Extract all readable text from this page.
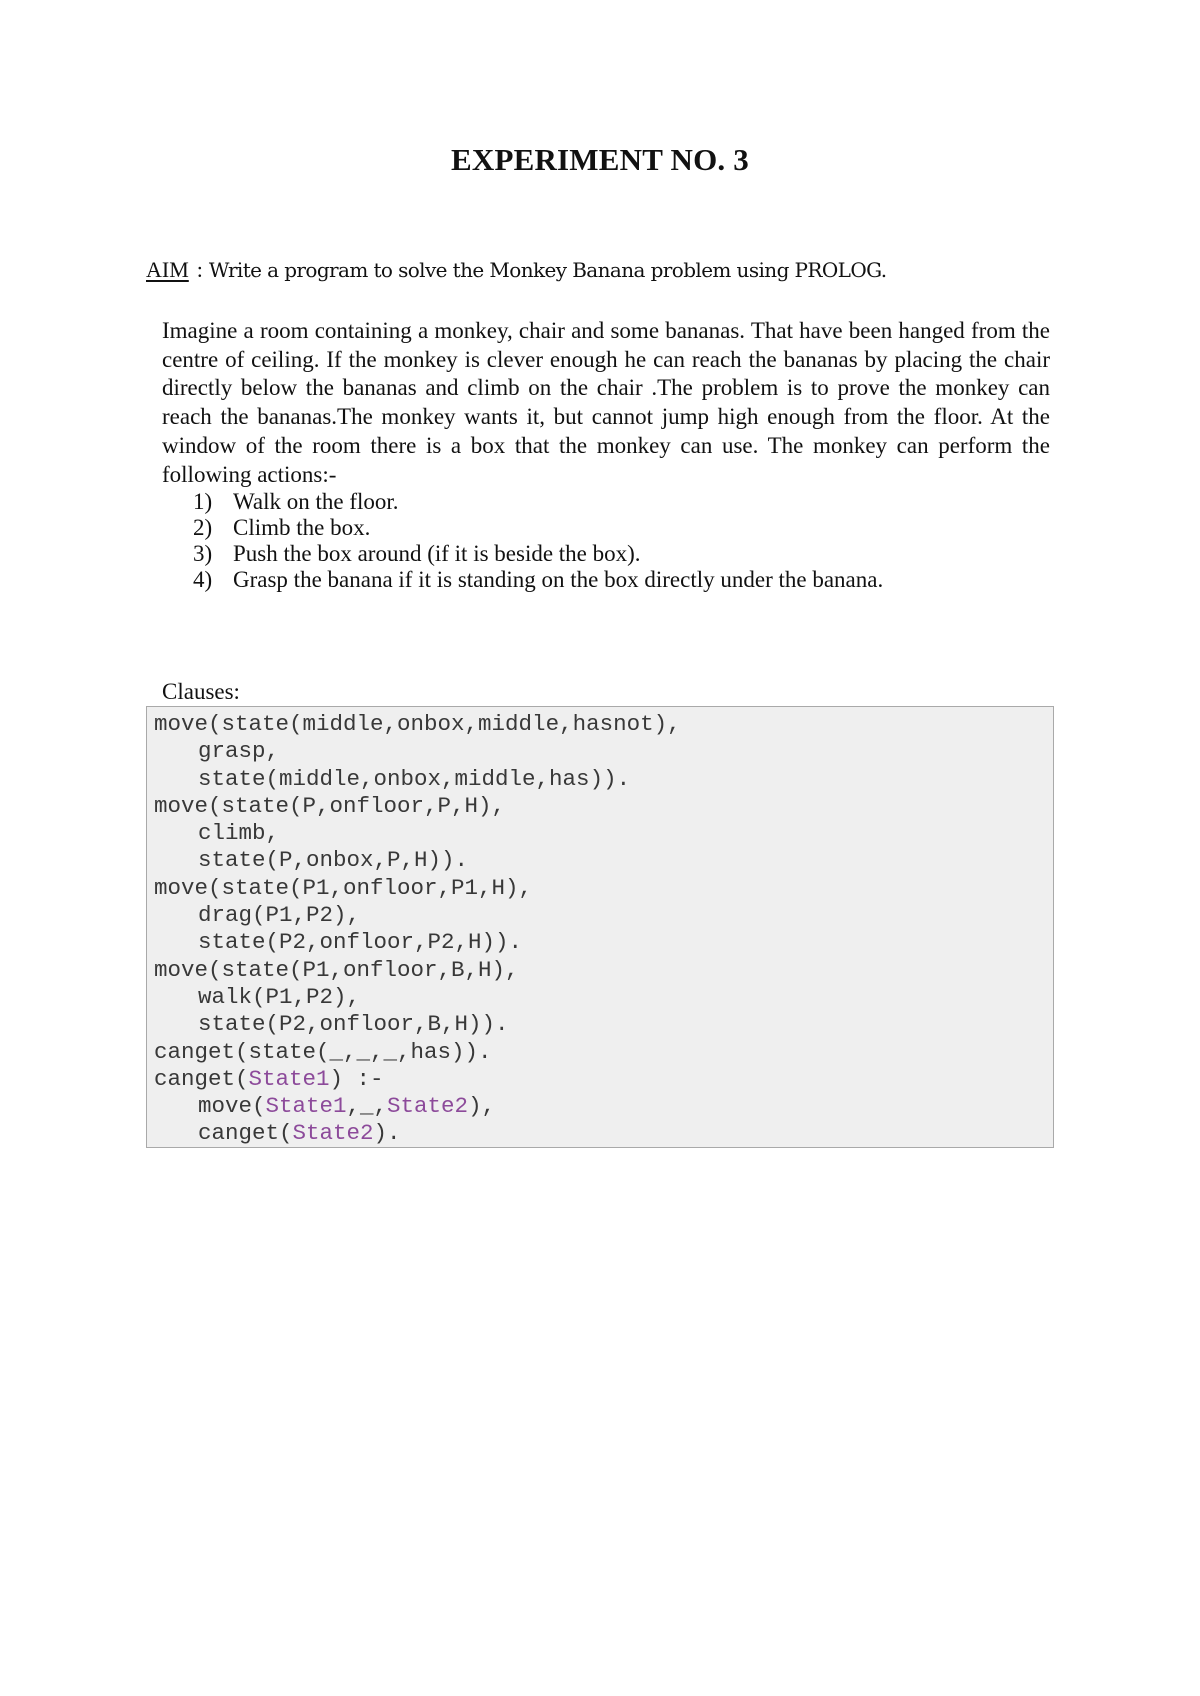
EXPERIMENT NO. 3
AIM : Write a program to solve the Monkey Banana problem using PROLOG.

Imagine a room containing a monkey, chair and some bananas. That have been hanged from the centre of ceiling. If the monkey is clever enough he can reach the bananas by placing the chair directly below the bananas and climb on the chair .The problem is to prove the monkey can reach the bananas.The monkey wants it, but cannot jump high enough from the floor. At the window of the room there is a box that the monkey can use. The monkey can perform the following actions:-

1) Walk on the floor.
2) Climb the box.
3) Push the box around (if it is beside the box).
4) Grasp the banana if it is standing on the box directly under the banana.
Clauses:
move(state(middle,onbox,middle,hasnot),
grasp,
state(middle,onbox,middle,has)).
move(state(P,onfloor,P,H),
climb,
state(P,onbox,P,H)).
move(state(P1,onfloor,P1,H),
drag(P1,P2),
state(P2,onfloor,P2,H)).
move(state(P1,onfloor,B,H),
walk(P1,P2),
state(P2,onfloor,B,H)).
canget(state(_,_,_,has)).
canget(State1) :-
move(State1,_,State2),
canget(State2).
